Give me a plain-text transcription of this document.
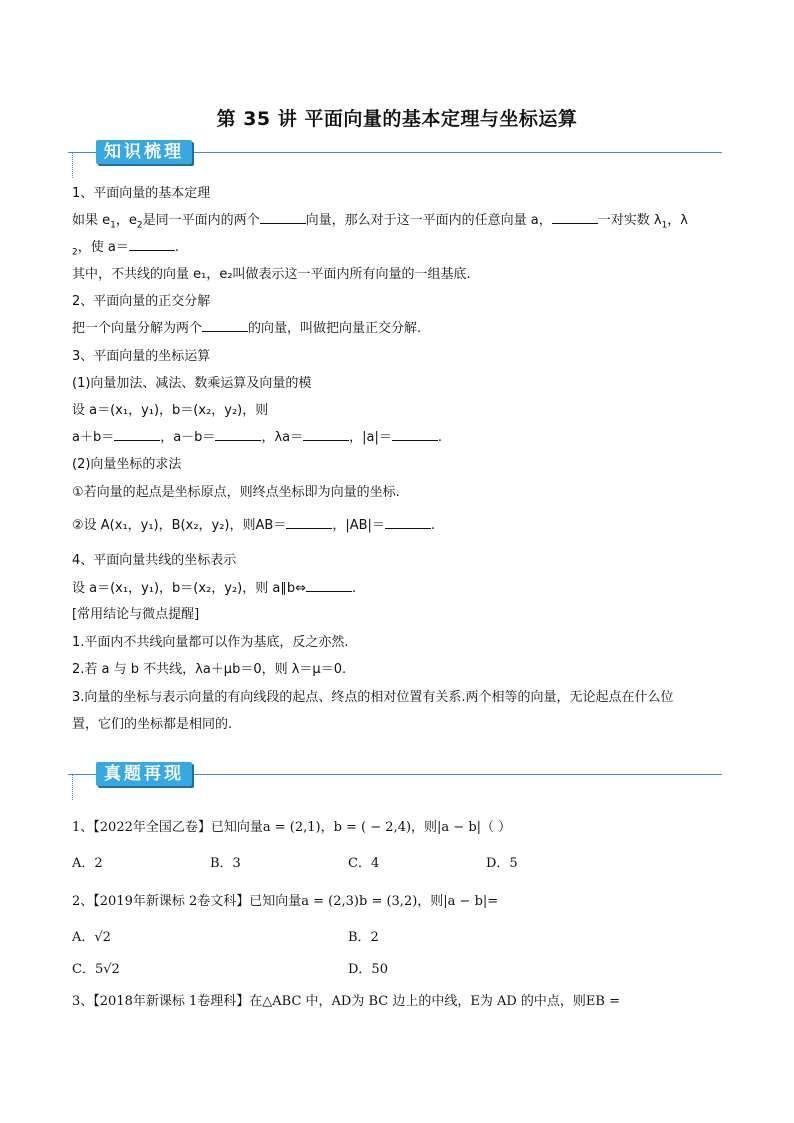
第 35 讲 平面向量的基本定理与坐标运算
知识梳理
1、平面向量的基本定理
如果 $e_1$，$e_2$是同一平面内的两个	向量，那么对于这一平面内的任意向量 a，	一对实数 $\lambda_1$，λ
$_2$，使 a＝	.
其中，不共线的向量 e₁，e₂叫做表示这一平面内所有向量的一组基底.
2、平面向量的正交分解
把一个向量分解为两个	的向量，叫做把向量正交分解.
3、平面向量的坐标运算
(1)向量加法、减法、数乘运算及向量的模
设 a＝(x₁，y₁)，b＝(x₂，y₂)，则
a＋b＝	，a－b＝	，λa＝	，|a|＝	.
(2)向量坐标的求法
①若向量的起点是坐标原点，则终点坐标即为向量的坐标.
②设 A(x₁，y₁)，B(x₂，y₂)，则AB＝	，|AB|＝	.
4、平面向量共线的坐标表示
设 a＝(x₁，y₁)，b＝(x₂，y₂)，则 a∥b⇔	.
[常用结论与微点提醒]
1.平面内不共线向量都可以作为基底，反之亦然.
2.若 a 与 b 不共线，λa＋μb＝0，则 λ＝μ＝0.
3.向量的坐标与表示向量的有向线段的起点、终点的相对位置有关系.两个相等的向量，无论起点在什么位
置，它们的坐标都是相同的.
真题再现
1、【2022年全国乙卷】已知向量a = (2,1)，b = ( − 2,4)，则|a − b|（ ）
A．2	B．3	C．4	D．5
2、【2019年新课标 2卷文科】已知向量a = (2,3)b = (3,2)，则|a − b|=
A．√2	B．2
C．5√2	D．50
3、【2018年新课标 1卷理科】在△ABC 中，AD为 BC 边上的中线，E为 AD 的中点，则EB =
